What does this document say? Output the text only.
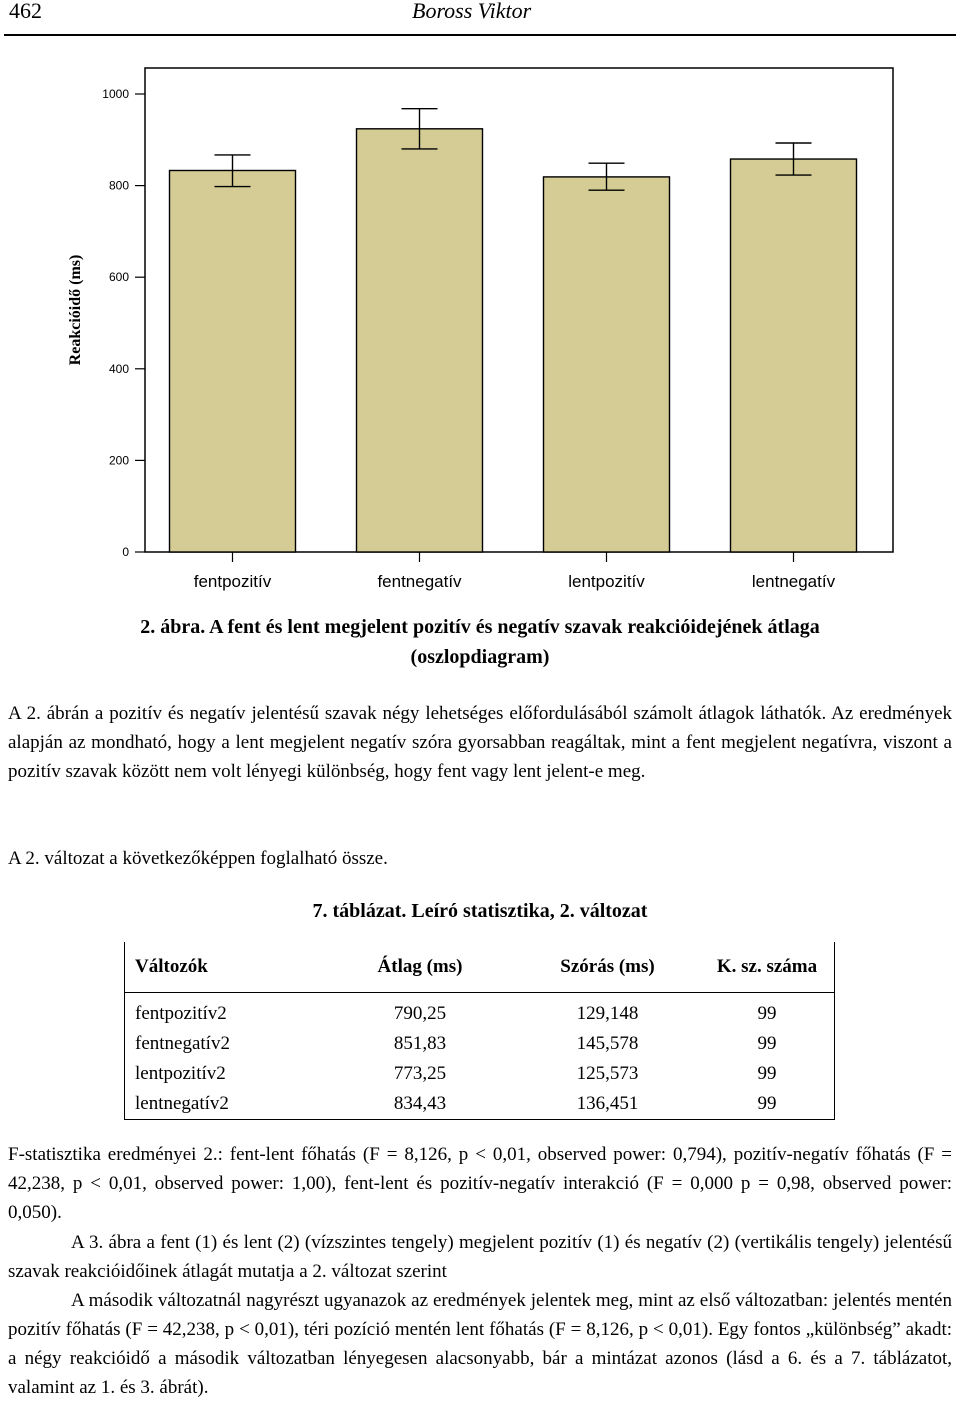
462	Boross Viktor
0
200
400
600
800
1000
fentpozitív	fentnegatív	lentpozitív	lentnegatív
Reakcióidő (ms)
2. ábra. A fent és lent megjelent pozitív és negatív szavak reakcióidejének átlaga
(oszlopdiagram)

A 2. ábrán a pozitív és negatív jelentésű szavak négy lehetséges előfordulásából számolt átlagok láthatók. Az eredmények alapján az mondható, hogy a lent megjelent negatív szóra gyorsabban reagáltak, mint a fent megjelent negatívra, viszont a pozitív szavak között nem volt lényegi különbség, hogy fent vagy lent jelent-e meg.

A 2. változat a következőképpen foglalható össze.

7. táblázat. Leíró statisztika, 2. változat
Változók	Átlag (ms)	Szórás (ms)	K. sz. száma
fentpozitív2	790,25	129,148	99
fentnegatív2	851,83	145,578	99
lentpozitív2	773,25	125,573	99
lentnegatív2	834,43	136,451	99

F-statisztika eredményei 2.: fent-lent főhatás (F = 8,126, p < 0,01, observed power: 0,794), pozitív-negatív főhatás (F = 42,238, p < 0,01, observed power: 1,00), fent-lent és pozitív-negatív interakció (F = 0,000 p = 0,98, observed power: 0,050).

A 3. ábra a fent (1) és lent (2) (vízszintes tengely) megjelent pozitív (1) és negatív (2) (vertikális tengely) jelentésű szavak reakcióidőinek átlagát mutatja a 2. változat szerint

A második változatnál nagyrészt ugyanazok az eredmények jelentek meg, mint az első változatban: jelentés mentén pozitív főhatás (F = 42,238, p < 0,01), téri pozíció mentén lent főhatás (F = 8,126, p < 0,01). Egy fontos „különbség” akadt: a négy reakcióidő a második változatban lényegesen alacsonyabb, bár a mintázat azonos (lásd a 6. és a 7. táblázatot, valamint az 1. és 3. ábrát).
